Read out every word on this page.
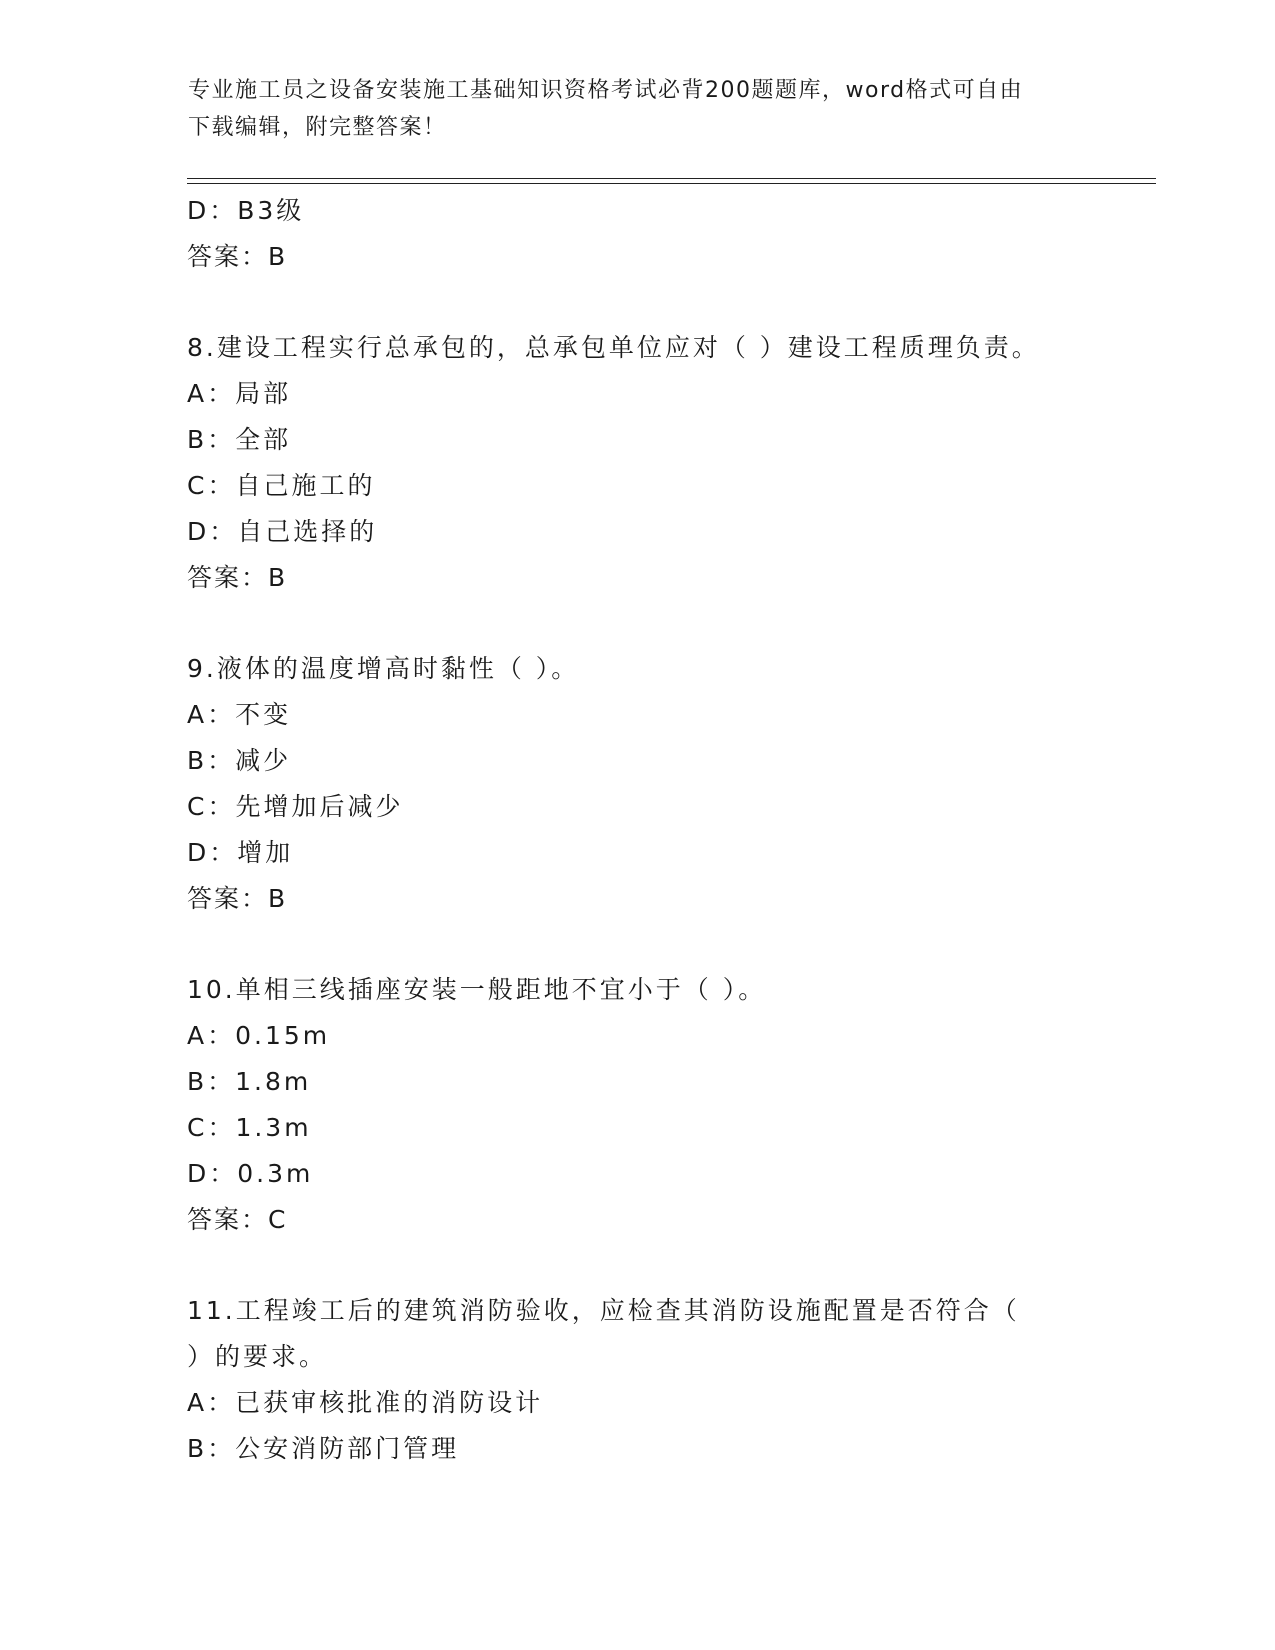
专业施工员之设备安装施工基础知识资格考试必背200题题库，word格式可自由
下载编辑，附完整答案！
D：B3级
答案：B
8.建设工程实行总承包的，总承包单位应对（ ）建设工程质理负责。
A：局部
B：全部
C：自己施工的
D：自己选择的
答案：B
9.液体的温度增高时黏性（ ）。
A：不变
B：减少
C：先增加后减少
D：增加
答案：B
10.单相三线插座安装一般距地不宜小于（ ）。
A：0.15m
B：1.8m
C：1.3m
D：0.3m
答案：C
11.工程竣工后的建筑消防验收，应检查其消防设施配置是否符合（
）的要求。
A：已获审核批准的消防设计
B：公安消防部门管理
